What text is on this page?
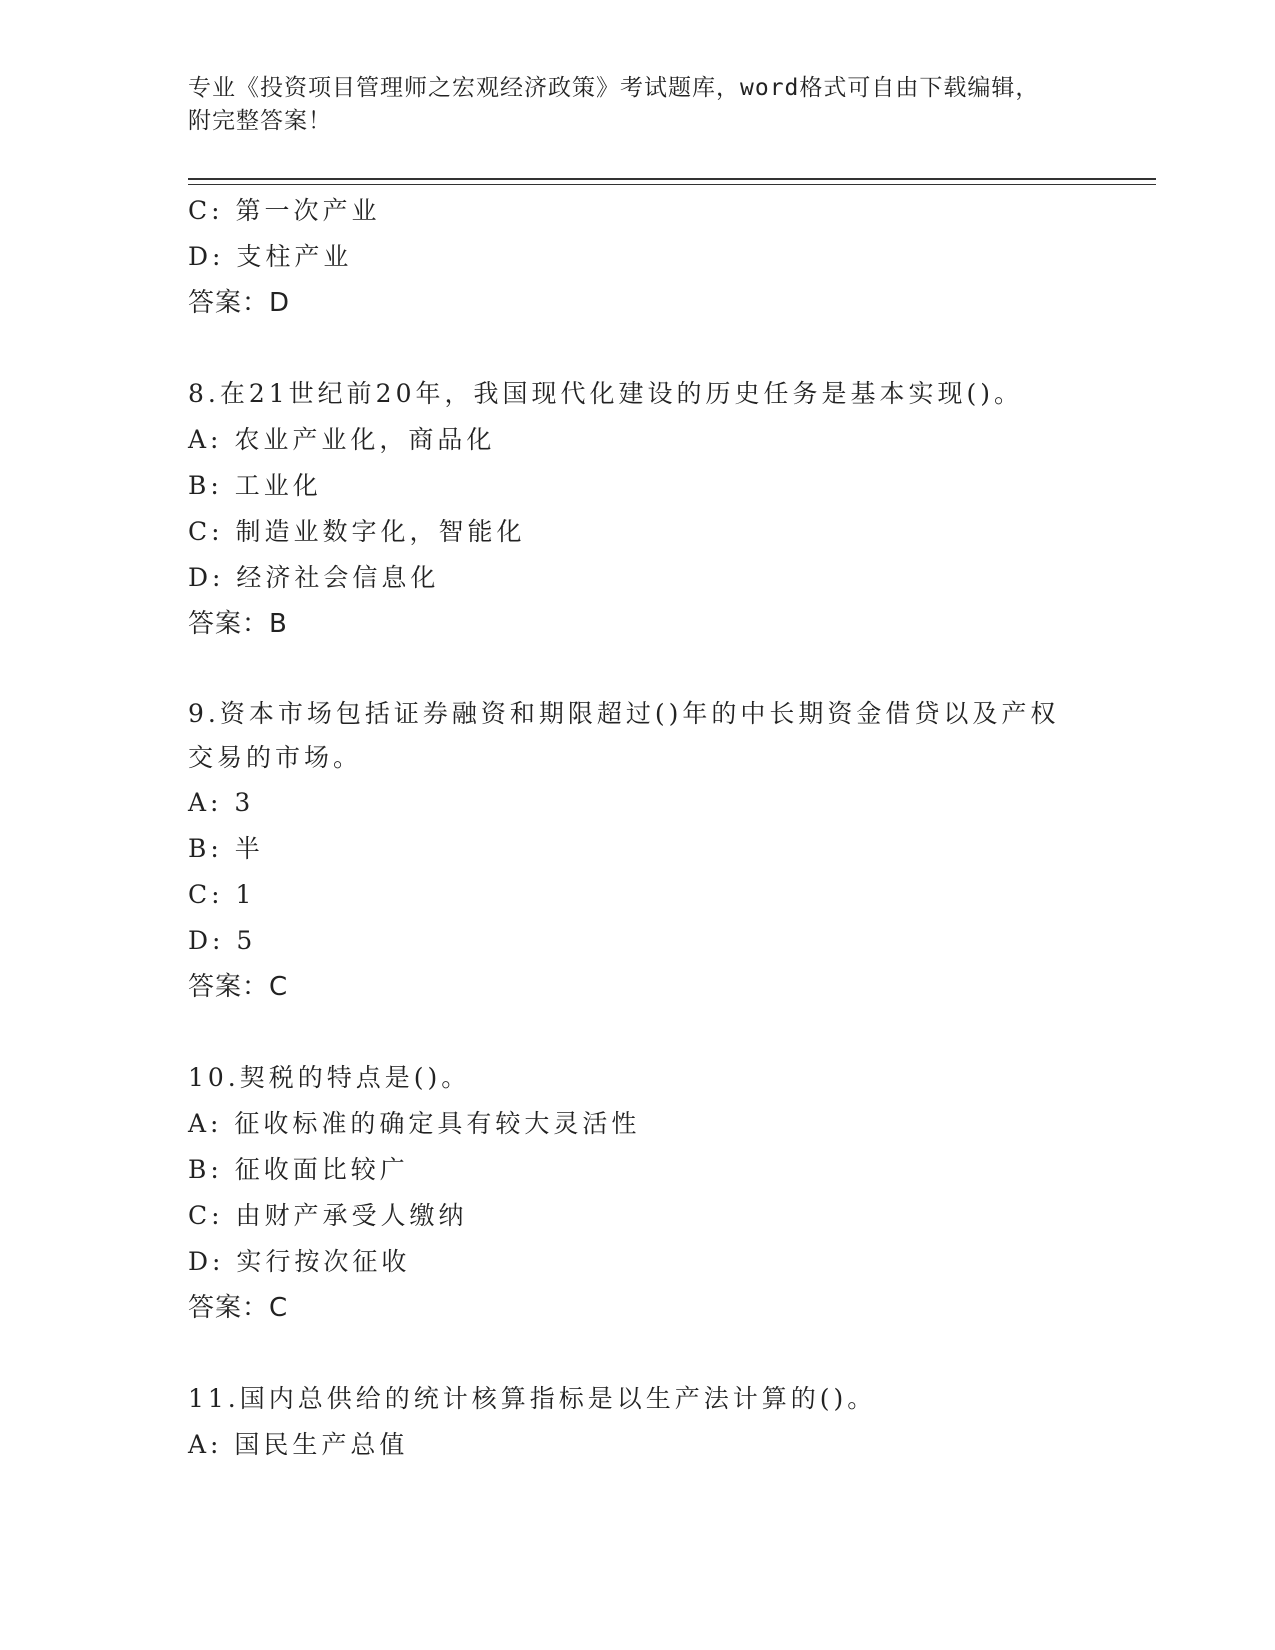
专业《投资项目管理师之宏观经济政策》考试题库，word格式可自由下载编辑，
附完整答案！
C: 第一次产业
D: 支柱产业
答案：D
8.在21世纪前20年，我国现代化建设的历史任务是基本实现()。
A: 农业产业化，商品化
B: 工业化
C: 制造业数字化，智能化
D: 经济社会信息化
答案：B
9.资本市场包括证券融资和期限超过()年的中长期资金借贷以及产权
交易的市场。
A: 3
B: 半
C: 1
D: 5
答案：C
10.契税的特点是()。
A: 征收标准的确定具有较大灵活性
B: 征收面比较广
C: 由财产承受人缴纳
D: 实行按次征收
答案：C
11.国内总供给的统计核算指标是以生产法计算的()。
A: 国民生产总值
